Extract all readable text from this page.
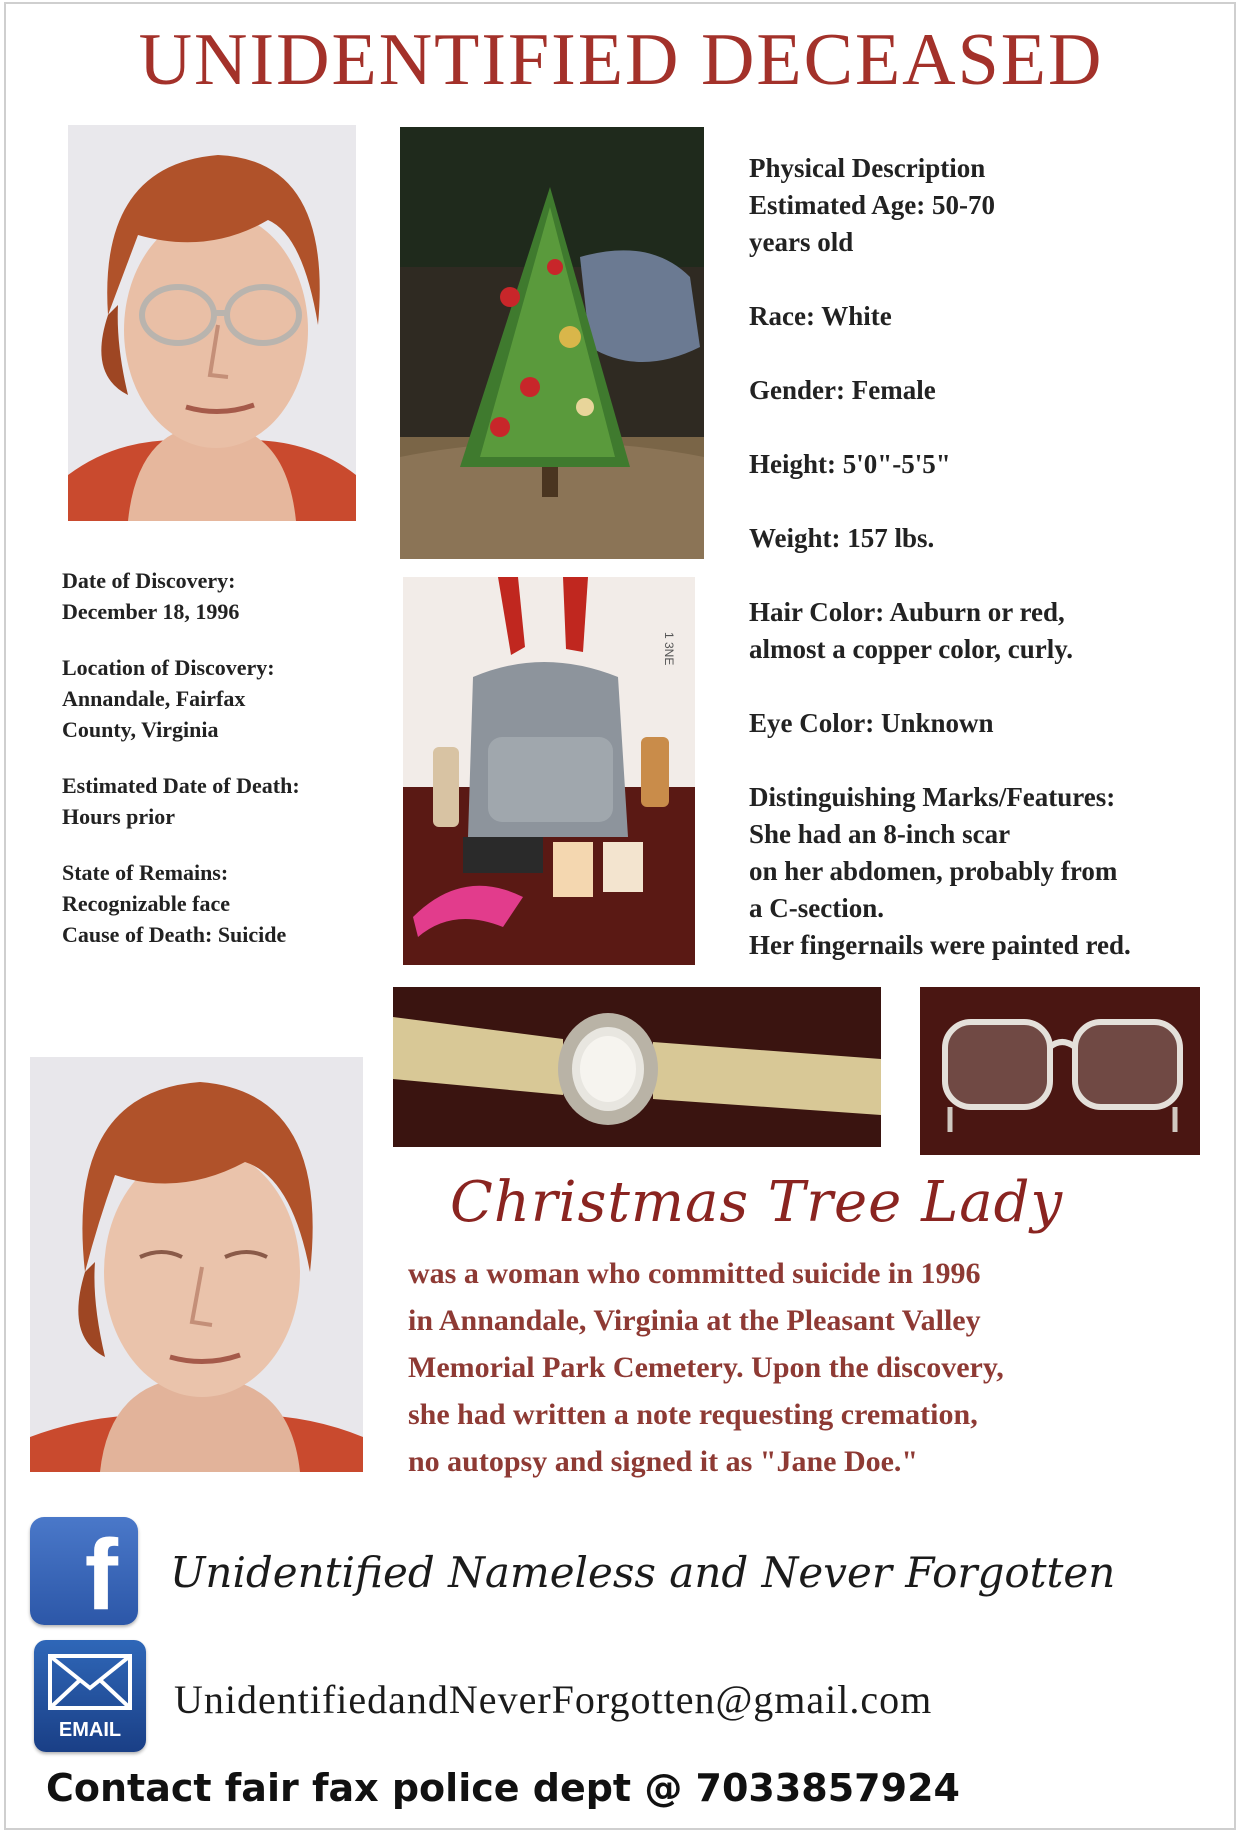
UNIDENTIFIED DECEASED
1 3NE
Date of Discovery:
December 18, 1996
Location of Discovery:
Annandale, Fairfax
County, Virginia
Estimated Date of Death:
Hours prior
State of Remains:
Recognizable face
Cause of Death: Suicide
Physical Description
Estimated Age: 50-70
years old
Race: White
Gender: Female
Height: 5'0"-5'5"
Weight: 157 lbs.
Hair Color: Auburn or red,
almost a copper color, curly.
Eye Color: Unknown
Distinguishing Marks/Features:
She had an 8-inch scar
on her abdomen, probably from
a C-section.
Her fingernails were painted red.
Christmas Tree Lady
was a woman who committed suicide in 1996
in Annandale, Virginia at the Pleasant Valley
Memorial Park Cemetery. Upon the discovery,
she had written a note requesting cremation,
no autopsy and signed it as "Jane Doe."
f Unidentified Nameless and Never Forgotten
EMAIL
UnidentifiedandNeverForgotten@gmail.com
Contact fair fax police dept @ 7033857924
